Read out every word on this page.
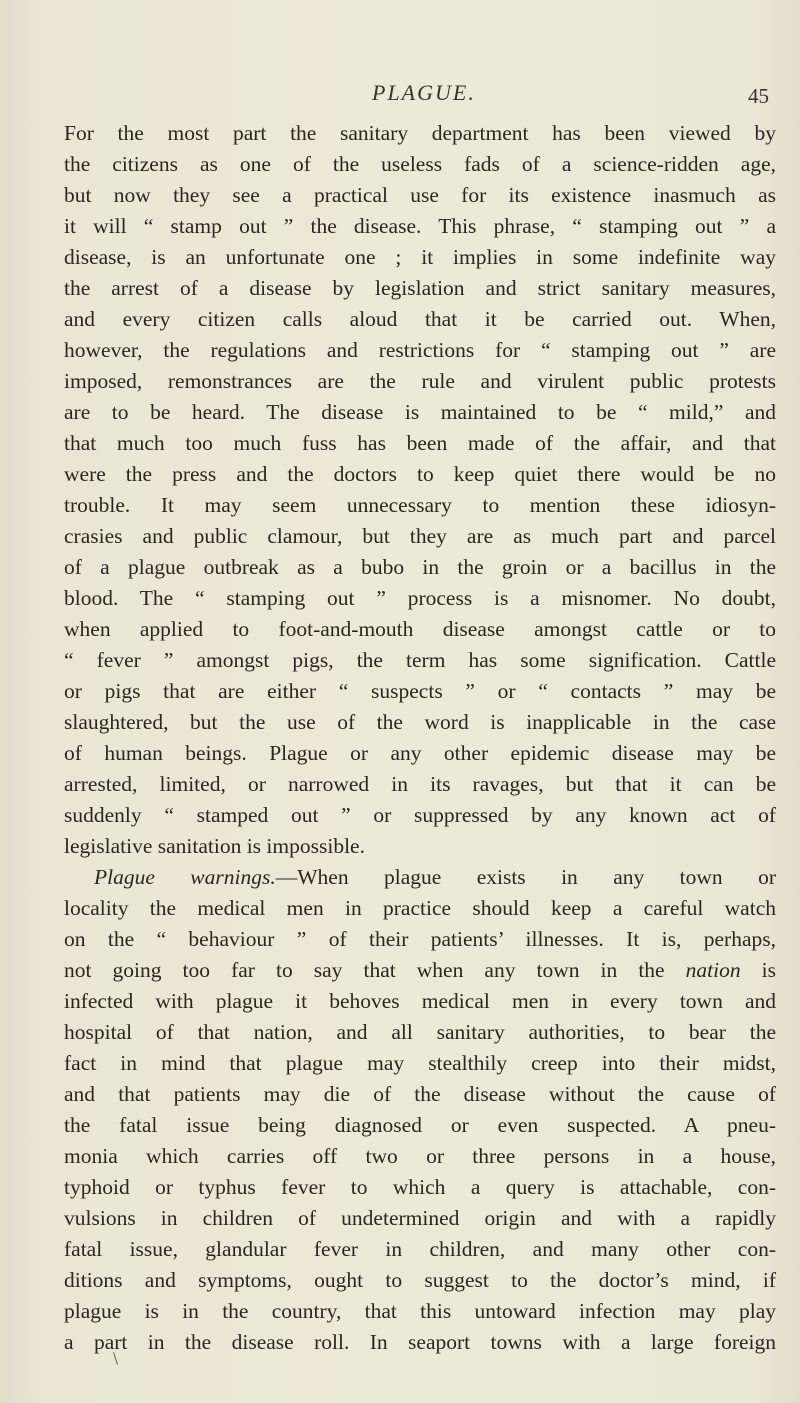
PLAGUE.	45
For the most part the sanitary department has been viewed by
the citizens as one of the useless fads of a science-ridden age,
but now they see a practical use for its existence inasmuch as
it will “ stamp out ” the disease. This phrase, “ stamping out ” a
disease, is an unfortunate one ; it implies in some indefinite way
the arrest of a disease by legislation and strict sanitary measures,
and every citizen calls aloud that it be carried out. When,
however, the regulations and restrictions for “ stamping out ” are
imposed, remonstrances are the rule and virulent public protests
are to be heard. The disease is maintained to be “ mild,” and
that much too much fuss has been made of the affair, and that
were the press and the doctors to keep quiet there would be no
trouble. It may seem unnecessary to mention these idiosyn-
crasies and public clamour, but they are as much part and parcel
of a plague outbreak as a bubo in the groin or a bacillus in the
blood. The “ stamping out ” process is a misnomer. No doubt,
when applied to foot-and-mouth disease amongst cattle or to
“ fever ” amongst pigs, the term has some signification. Cattle
or pigs that are either “ suspects ” or “ contacts ” may be
slaughtered, but the use of the word is inapplicable in the case
of human beings. Plague or any other epidemic disease may be
arrested, limited, or narrowed in its ravages, but that it can be
suddenly “ stamped out ” or suppressed by any known act of
legislative sanitation is impossible.
Plague warnings.—When plague exists in any town or
locality the medical men in practice should keep a careful watch
on the “ behaviour ” of their patients’ illnesses. It is, perhaps,
not going too far to say that when any town in the nation is
infected with plague it behoves medical men in every town and
hospital of that nation, and all sanitary authorities, to bear the
fact in mind that plague may stealthily creep into their midst,
and that patients may die of the disease without the cause of
the fatal issue being diagnosed or even suspected. A pneu-
monia which carries off two or three persons in a house,
typhoid or typhus fever to which a query is attachable, con-
vulsions in children of undetermined origin and with a rapidly
fatal issue, glandular fever in children, and many other con-
ditions and symptoms, ought to suggest to the doctor’s mind, if
plague is in the country, that this untoward infection may play
a part in the disease roll. In seaport towns with a large foreign
